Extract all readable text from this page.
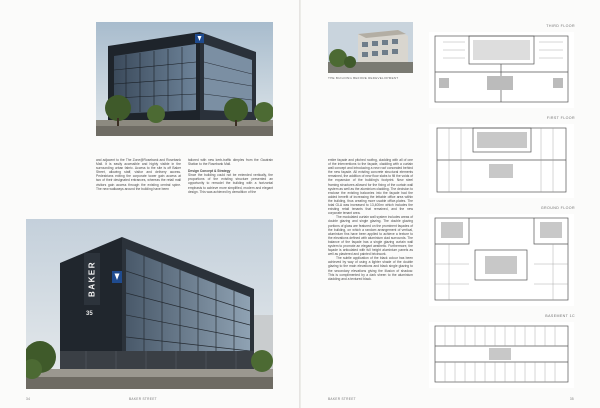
and adjacent to the The Zone@Rosebank and Rosebank Mall. It is easily accessible and highly visible in the surrounding urban fabric. Access to the site is off Baker Street, allowing staff, visitor and delivery access. Pedestrians exiting the corporate tower gain access at two of their designated entrances, whereas the retail mall visitors gain access through the existing central spine. The new walkways around the building have been

tailored with new kerb-traffic dimples from the Gautrain Station to the Rosebank Mall.

Design Concept & Strategy

Since the building could not be extended vertically, the proportions of the existing structure presented an opportunity to remodel the building with a horizontal emphasis to achieve more simplified, modern and elegant design. This was achieved by demolition of the

BAKER
35
34	BAKER STREET
THE BUILDING BEFORE REDEVELOPMENT

entire façade and pitched roofing, cladding with all of one of the interventions to the façade, cladding with a curtain wall concept and introducing a new roof concealed behind the new façade. All existing concrete structural elements remained, the addition of new floor slabs to fill the voids of the expansion of the building's footprint. New steel framing structures allowed for the fixing of the curtain wall system as well as the aluminium cladding. The decision to enclose the existing balconies into the façade had the added benefit of increasing the lettable office area within the building, thus creating more usable office-plates. The total GLA was increased to 13,400m² which includes the existing retail tenants that remained, and the new corporate tenant area.

The modulated curtain wall system includes areas of double glazing and single glazing. The double glazing portions of glass are featured on the prominent façades of the building, on which a random arrangement of vertical, aluminium fins have been applied to achieve a texture to the elevations defined with aluminium clad surrounds. The balance of the façade has a single glazing curtain wall system to promote an elegant aesthetic. Furthermore, the façade is articulated with full height aluminium panels as well as plastered and painted brickwork.

The subtle application of the black colour has been achieved by way of using a lighter shade of the double glazing to the main elevations and black single glazing to the secondary elevations giving the illusion of shadow. This is complimented by a dark sheen to the aluminium cladding and a textured black.

THIRD FLOOR
FIRST FLOOR
GROUND FLOOR
BASEMENT 1C
BAKER STREET	35
